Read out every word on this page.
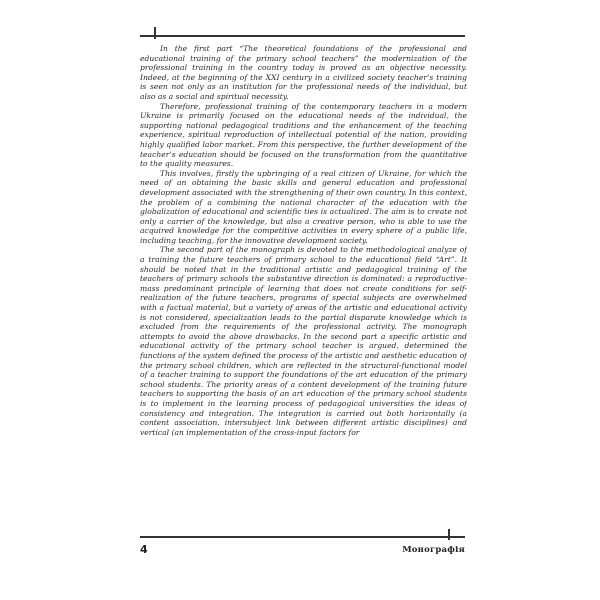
In the first part “The theoretical foundations of the professional and educational training of the primary school teachers” the modernization of the professional training in the country today is proved as an objective necessity. Indeed, at the beginning of the XXI century in a civilized society teacher’s training is seen not only as an institution for the professional needs of the individual, but also as a social and spiritual necessity.

Therefore, professional training of the contemporary teachers in a modern Ukraine is primarily focused on the educational needs of the individual, the supporting national pedagogical traditions and the enhancement of the teaching experience, spiritual reproduction of intellectual potential of the nation, providing highly qualified labor market. From this perspective, the further development of the teacher’s education should be focused on the transformation from the quantitative to the quality measures.

This involves, firstly the upbringing of a real citizen of Ukraine, for which the need of an obtaining the basic skills and general education and professional development associated with the strengthening of their own country. In this context, the problem of a combining the national character of the education with the globalization of educational and scientific ties is actualized. The aim is to create not only a carrier of the knowledge, but also a creative person, who is able to use the acquired knowledge for the competitive activities in every sphere of a public life, including teaching, for the innovative development society.

The second part of the monograph is devoted to the methodological analyze of a training the future teachers of primary school to the educational field “Art”. It should be noted that in the traditional artistic and pedagogical training of the teachers of primary schools the substantive direction is dominated: a reproductive-mass predominant principle of learning that does not create conditions for self-realization of the future teachers, programs of special subjects are overwhelmed with a factual material, but a variety of areas of the artistic and educational activity is not considered, specialization leads to the partial disparate knowledge which is excluded from the requirements of the professional activity. The monograph attempts to avoid the above drawbacks. In the second part a specific artistic and educational activity of the primary school teacher is argued, determined the functions of the system defined the process of the artistic and aesthetic education of the primary school children, which are reflected in the structural-functional model of a teacher training to support the foundations of the art education of the primary school students. The priority areas of a content development of the training future teachers to supporting the basis of an art education of the primary school students is to implement in the learning process of pedagogical universities the ideas of consistency and integration. The integration is carried out both horizontally (a content association, intersubject link between different artistic disciplines) and vertical (an implementation of the cross-input factors for

4	Монографія
